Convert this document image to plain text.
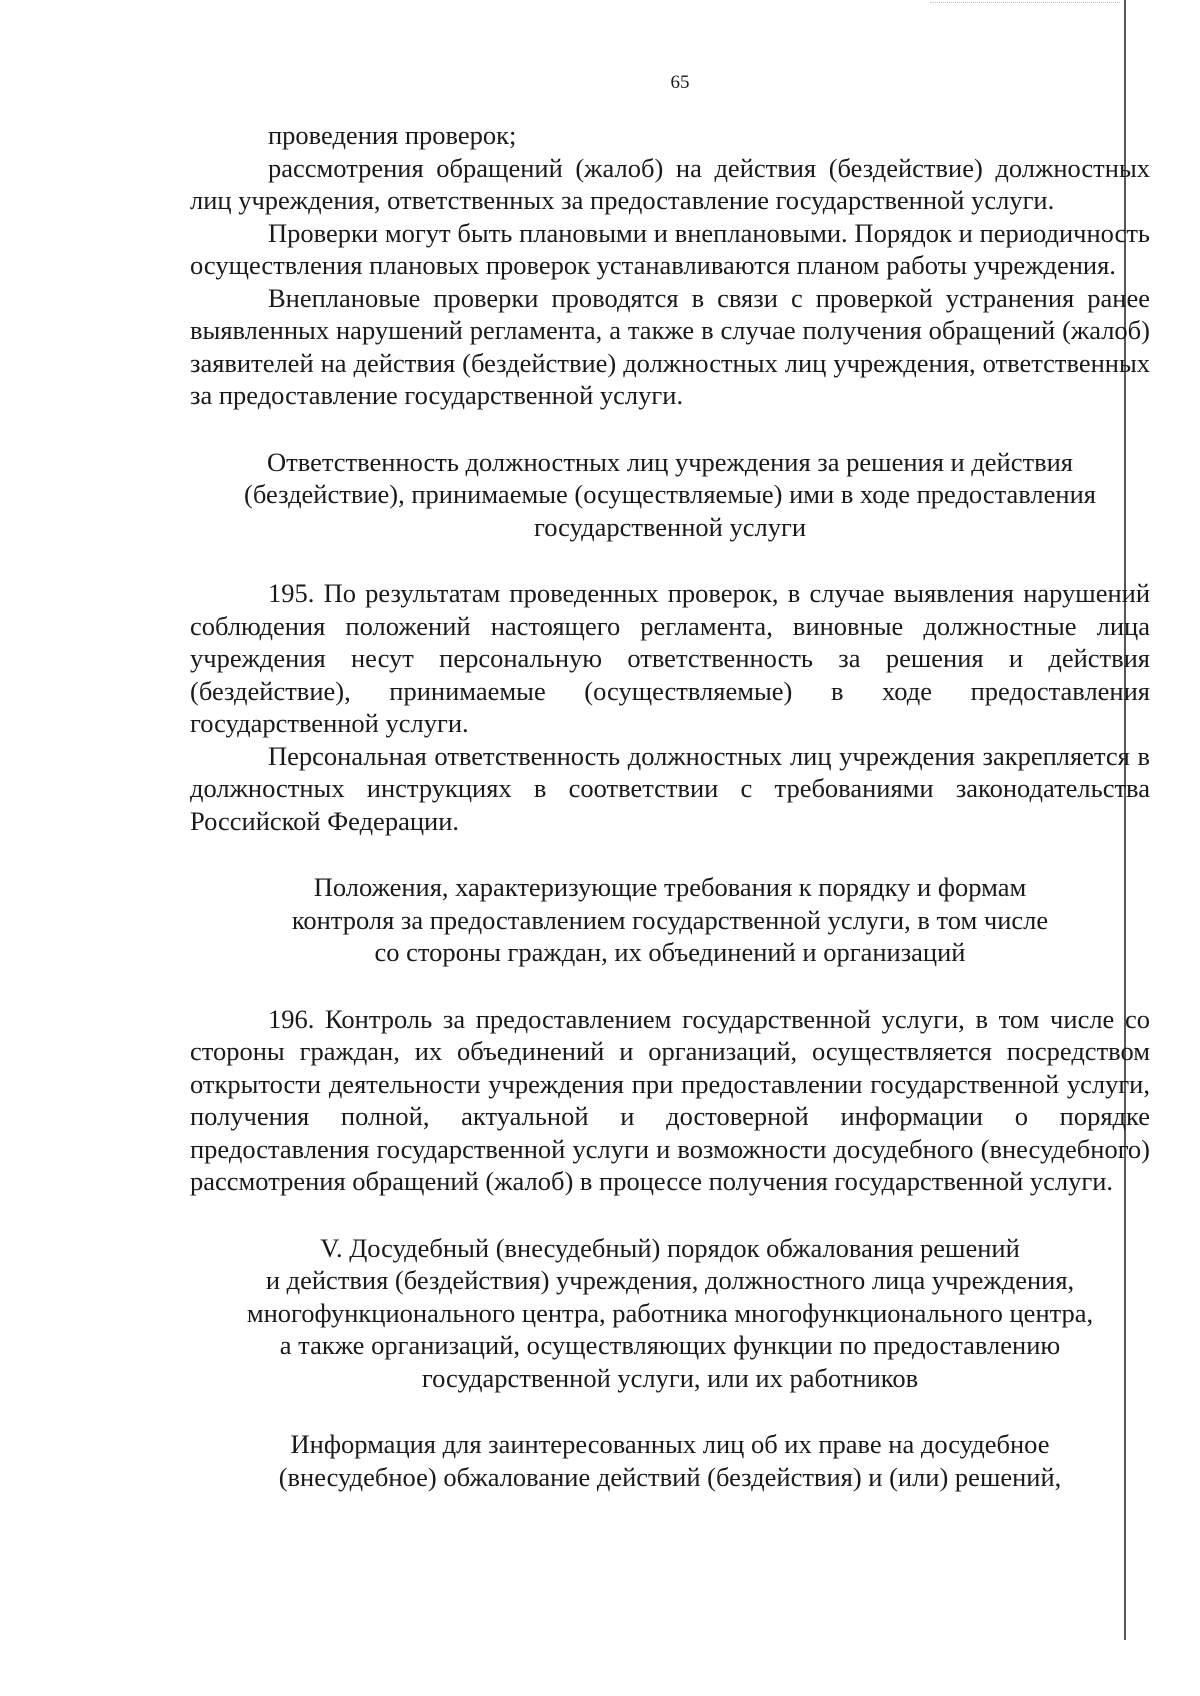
65

проведения проверок;

рассмотрения обращений (жалоб) на действия (бездействие) должностных лиц учреждения, ответственных за предоставление государственной услуги.

Проверки могут быть плановыми и внеплановыми. Порядок и периодичность осуществления плановых проверок устанавливаются планом работы учреждения.

Внеплановые проверки проводятся в связи с проверкой устранения ранее выявленных нарушений регламента, а также в случае получения обращений (жалоб) заявителей на действия (бездействие) должностных лиц учреждения, ответственных за предоставление государственной услуги.

Ответственность должностных лиц учреждения за решения и действия
(бездействие), принимаемые (осуществляемые) ими в ходе предоставления
государственной услуги

195. По результатам проведенных проверок, в случае выявления нарушений соблюдения положений настоящего регламента, виновные должностные лица учреждения несут персональную ответственность за решения и действия (бездействие), принимаемые (осуществляемые) в ходе предоставления государственной услуги.

Персональная ответственность должностных лиц учреждения закрепляется в должностных инструкциях в соответствии с требованиями законодательства Российской Федерации.

Положения, характеризующие требования к порядку и формам
контроля за предоставлением государственной услуги, в том числе
со стороны граждан, их объединений и организаций

196. Контроль за предоставлением государственной услуги, в том числе со стороны граждан, их объединений и организаций, осуществляется посредством открытости деятельности учреждения при предоставлении государственной услуги, получения полной, актуальной и достоверной информации о порядке предоставления государственной услуги и возможности досудебного (внесудебного) рассмотрения обращений (жалоб) в процессе получения государственной услуги.

V. Досудебный (внесудебный) порядок обжалования решений
и действия (бездействия) учреждения, должностного лица учреждения,
многофункционального центра, работника многофункционального центра,
а также организаций, осуществляющих функции по предоставлению
государственной услуги, или их работников
Информация для заинтересованных лиц об их праве на досудебное
(внесудебное) обжалование действий (бездействия) и (или) решений,
